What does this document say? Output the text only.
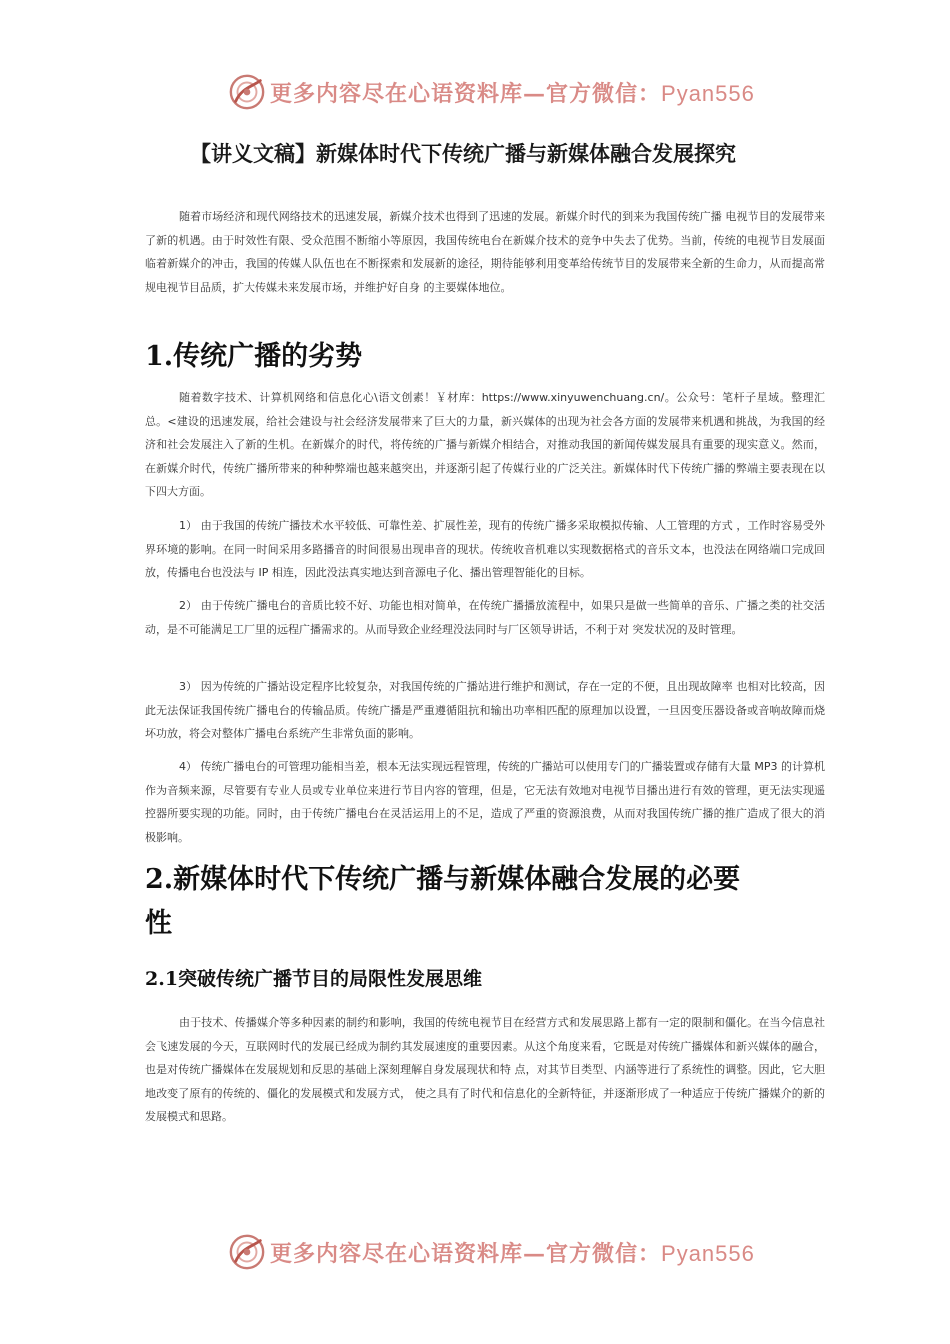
更多内容尽在心语资料库—官方微信：Pyan556
【讲义文稿】新媒体时代下传统广播与新媒体融合发展探究

随着市场经济和现代网络技术的迅速发展，新媒介技术也得到了迅速的发展。新媒介时代的到来为我国传统广播 电视节目的发展带来了新的机遇。由于时效性有限、受众范围不断缩小等原因，我国传统电台在新媒介技术的竞争中失去了优势。当前，传统的电视节目发展面临着新媒介的冲击，我国的传媒人队伍也在不断探索和发展新的途径，期待能够利用变革给传统节目的发展带来全新的生命力，从而提高常规电视节目品质，扩大传媒未来发展市场，并维护好自身 的主要媒体地位。

1.传统广播的劣势

随着数字技术、计算机网络和信息化心\语文创素！￥材库：https://www.xinyuwenchuang.cn/。公众号：笔杆子星域。整理汇总。<建设的迅速发展，给社会建设与社会经济发展带来了巨大的力量，新兴媒体的出现为社会各方面的发展带来机遇和挑战，为我国的经济和社会发展注入了新的生机。在新媒介的时代，将传统的广播与新媒介相结合，对推动我国的新闻传媒发展具有重要的现实意义。然而，在新媒介时代，传统广播所带来的种种弊端也越来越突出，并逐渐引起了传媒行业的广泛关注。新媒体时代下传统广播的弊端主要表现在以下四大方面。

1） 由于我国的传统广播技术水平较低、可靠性差、扩展性差，现有的传统广播多采取模拟传输、人工管理的方式 ，工作时容易受外界环境的影响。在同一时间采用多路播音的时间很易出现串音的现状。传统收音机难以实现数据格式的音乐文本，也没法在网络端口完成回放，传播电台也没法与 IP 相连，因此没法真实地达到音源电子化、播出管理智能化的目标。

2） 由于传统广播电台的音质比较不好、功能也相对简单，在传统广播播放流程中，如果只是做一些简单的音乐、广播之类的社交活动，是不可能满足工厂里的远程广播需求的。从而导致企业经理没法同时与厂区领导讲话，不利于对 突发状况的及时管理。

3） 因为传统的广播站设定程序比较复杂，对我国传统的广播站进行维护和测试，存在一定的不便，且出现故障率 也相对比较高，因此无法保证我国传统广播电台的传输品质。传统广播是严重遵循阻抗和输出功率相匹配的原理加以设置，一旦因变压器设备或音响故障而烧坏功放，将会对整体广播电台系统产生非常负面的影响。

4） 传统广播电台的可管理功能相当差，根本无法实现远程管理，传统的广播站可以使用专门的广播装置或存储有大量 MP3 的计算机作为音频来源，尽管要有专业人员或专业单位来进行节目内容的管理，但是，它无法有效地对电视节目播出进行有效的管理，更无法实现遥控器所要实现的功能。同时，由于传统广播电台在灵活运用上的不足，造成了严重的资源浪费，从而对我国传统广播的推广造成了很大的消极影响。

2.新媒体时代下传统广播与新媒体融合发展的必要
性
2.1突破传统广播节目的局限性发展思维

由于技术、传播媒介等多种因素的制约和影响，我国的传统电视节目在经营方式和发展思路上都有一定的限制和僵化。在当今信息社会飞速发展的今天，互联网时代的发展已经成为制约其发展速度的重要因素。从这个角度来看，它既是对传统广播媒体和新兴媒体的融合，也是对传统广播媒体在发展规划和反思的基础上深刻理解自身发展现状和特 点，对其节目类型、内涵等进行了系统性的调整。因此，它大胆地改变了原有的传统的、僵化的发展模式和发展方式， 使之具有了时代和信息化的全新特征，并逐渐形成了一种适应于传统广播媒介的新的发展模式和思路。

更多内容尽在心语资料库—官方微信：Pyan556
